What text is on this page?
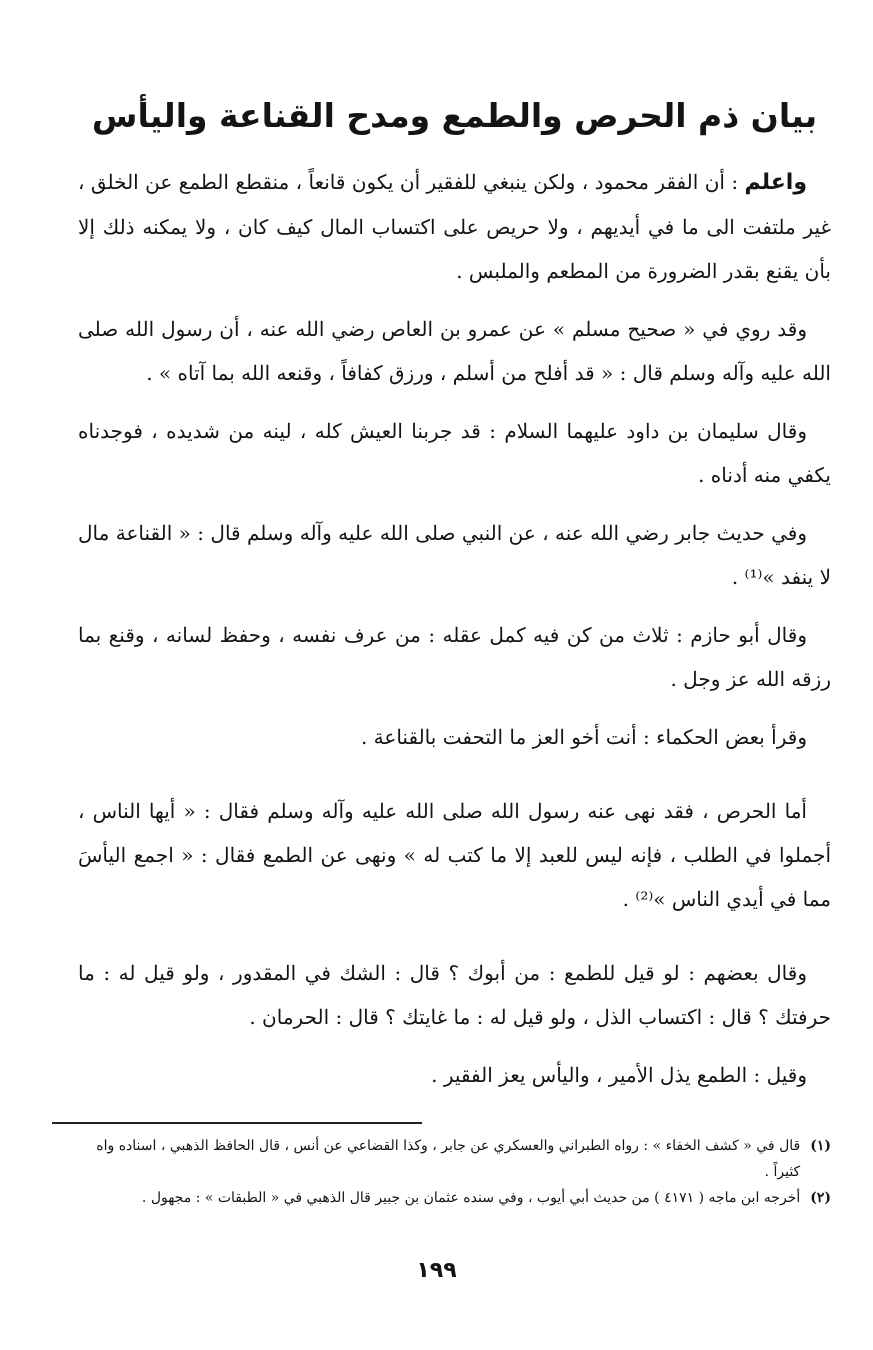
بيان ذم الحرص والطمع ومدح القناعة واليأس

واعلم : أن الفقر محمود ، ولكن ينبغي للفقير أن يكون قانعاً ، منقطع الطمع عن الخلق ، غير ملتفت الى ما في أيديهم ، ولا حريص على اكتساب المال كيف كان ، ولا يمكنه ذلك إلا بأن يقنع بقدر الضرورة من المطعم والملبس .

وقد روي في « صحيح مسلم » عن عمرو بن العاص رضي الله عنه ، أن رسول الله صلى الله عليه وآله وسلم قال : « قد أفلح من أسلم ، ورزق كفافاً ، وقنعه الله بما آتاه » .

وقال سليمان بن داود عليهما السلام : قد جربنا العيش كله ، لينه من شديده ، فوجدناه يكفي منه أدناه .

وفي حديث جابر رضي الله عنه ، عن النبي صلى الله عليه وآله وسلم قال : « القناعة مال لا ينفد »⁽¹⁾ .

وقال أبو حازم : ثلاث من كن فيه كمل عقله : من عرف نفسه ، وحفظ لسانه ، وقنع بما رزقه الله عز وجل .

وقرأ بعض الحكماء : أنت أخو العز ما التحفت بالقناعة .

أما الحرص ، فقد نهى عنه رسول الله صلى الله عليه وآله وسلم فقال : « أيها الناس ، أجملوا في الطلب ، فإنه ليس للعبد إلا ما كتب له » ونهى عن الطمع فقال : « اجمع اليأسَ مما في أيدي الناس »⁽²⁾ .

وقال بعضهم : لو قيل للطمع : من أبوك ؟ قال : الشك في المقدور ، ولو قيل له : ما حرفتك ؟ قال : اكتساب الذل ، ولو قيل له : ما غايتك ؟ قال : الحرمان .

وقيل : الطمع يذل الأمير ، واليأس يعز الفقير .

(١)
قال في « كشف الخفاء » : رواه الطبراني والعسكري عن جابر ، وكذا القضاعي عن أنس ، قال الحافظ الذهبي ، اسناده واه كثيراً .

(٢)
أخرجه ابن ماجه ( ٤١٧١ ) من حديث أبي أيوب ، وفي سنده عثمان بن جبير قال الذهبي في « الطبقات » : مجهول .

١٩٩
